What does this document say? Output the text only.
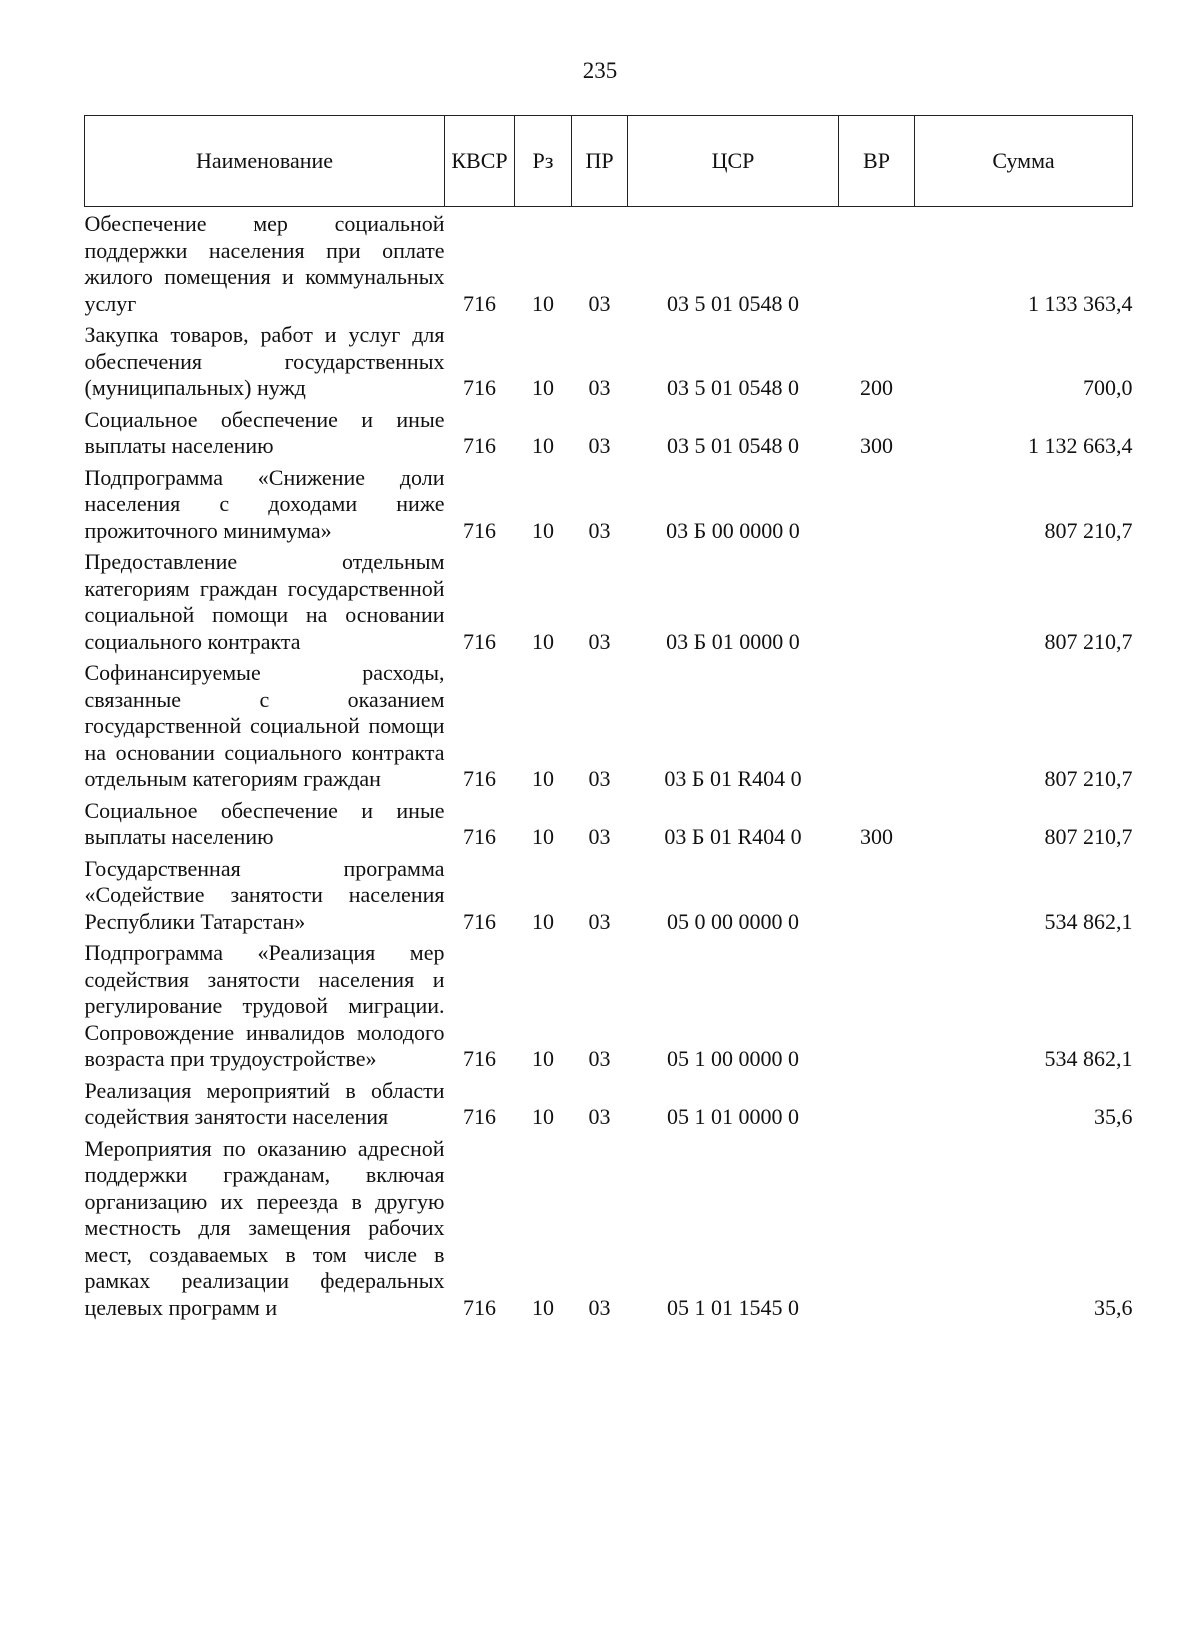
235
Наименование	КВСР	Рз	ПР	ЦСР	ВР	Сумма
Обеспечение мер социальной поддержки населения при оплате жилого помещения и коммунальных услуг	716	10	03	03 5 01 0548 0		1 133 363,4
Закупка товаров, работ и услуг для обеспечения государственных (муниципальных) нужд	716	10	03	03 5 01 0548 0	200	700,0
Социальное обеспечение и иные выплаты населению	716	10	03	03 5 01 0548 0	300	1 132 663,4
Подпрограмма «Снижение доли населения с доходами ниже прожиточного минимума»	716	10	03	03 Б 00 0000 0		807 210,7
Предоставление отдельным категориям граждан государственной социальной помощи на основании социального контракта	716	10	03	03 Б 01 0000 0		807 210,7
Софинансируемые расходы, связанные с оказанием государственной социальной помощи на основании социального контракта отдельным категориям граждан	716	10	03	03 Б 01 R404 0		807 210,7
Социальное обеспечение и иные выплаты населению	716	10	03	03 Б 01 R404 0	300	807 210,7
Государственная программа «Содействие занятости населения Республики Татарстан»	716	10	03	05 0 00 0000 0		534 862,1
Подпрограмма «Реализация мер содействия занятости населения и регулирование трудовой миграции. Сопровождение инвалидов молодого возраста при трудоустройстве»	716	10	03	05 1 00 0000 0		534 862,1
Реализация мероприятий в области содействия занятости населения	716	10	03	05 1 01 0000 0		35,6
Мероприятия по оказанию адресной поддержки гражданам, включая организацию их переезда в другую местность для замещения рабочих мест, создаваемых в том числе в рамках реализации федеральных целевых программ и	716	10	03	05 1 01 1545 0		35,6
